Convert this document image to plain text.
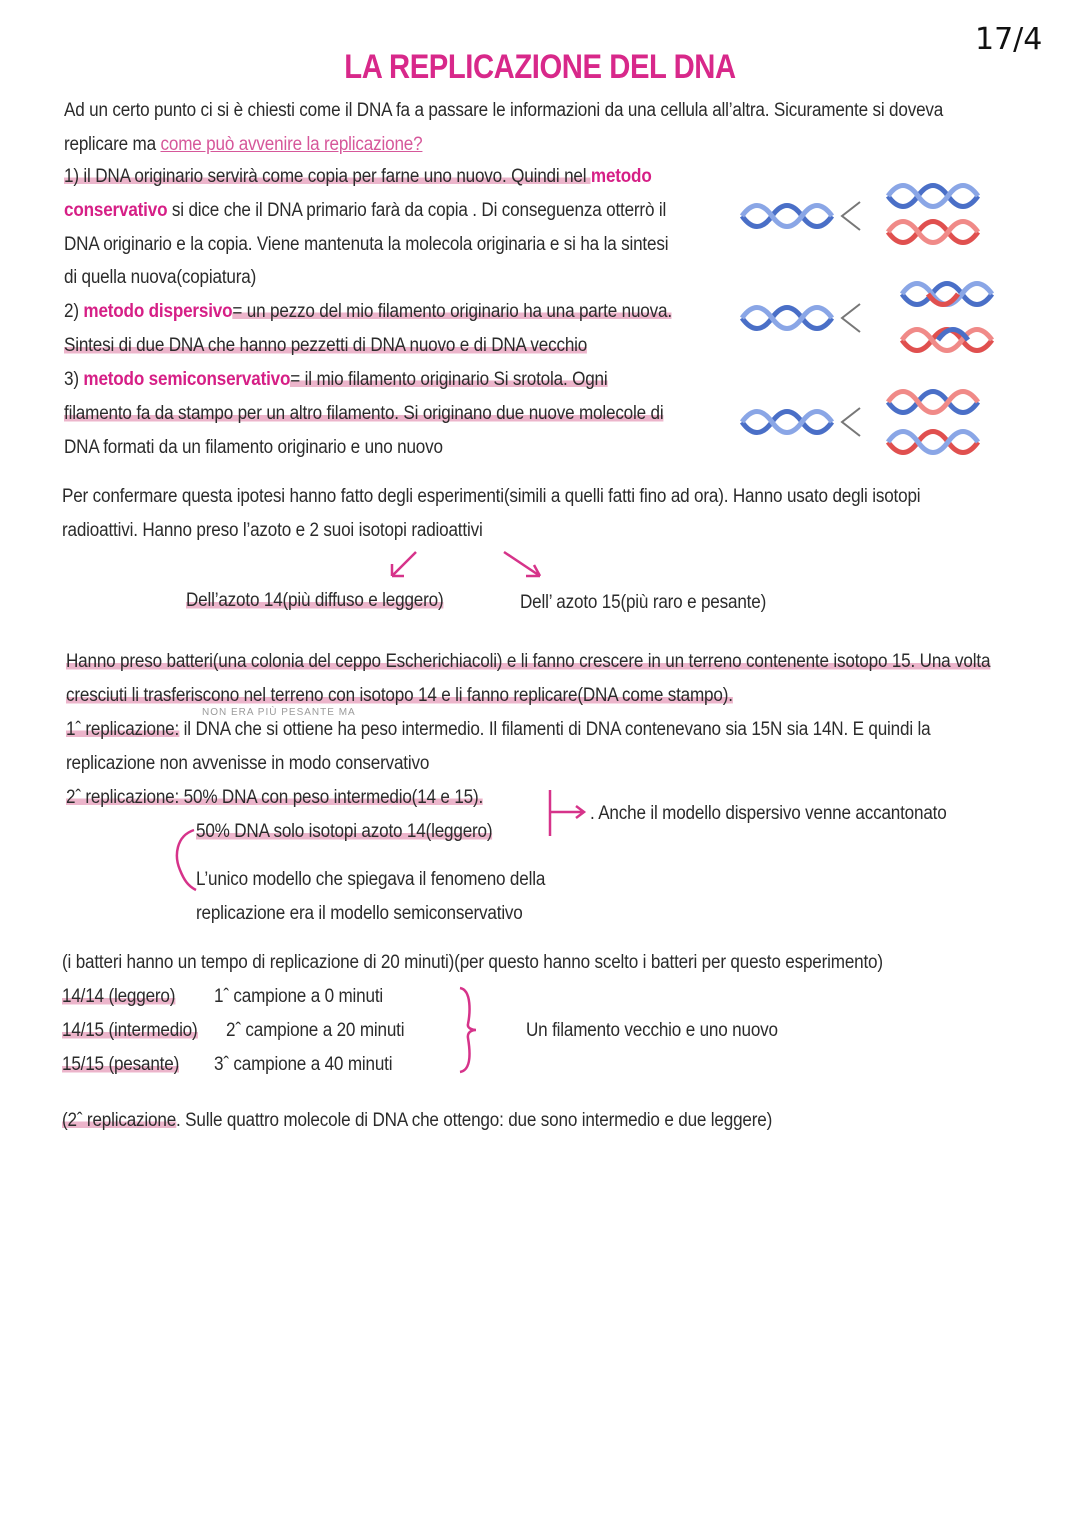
LA REPLICAZIONE DEL DNA
17/4
Ad un certo punto ci si è chiesti come il DNA fa a passare le informazioni da una cellula all’altra. Sicuramente si doveva
replicare ma come può avvenire la replicazione?
1) il DNA originario servirà come copia per farne uno nuovo. Quindi nel metodo
conservativo si dice che il DNA primario farà da copia . Di conseguenza otterrò il
DNA originario e la copia. Viene mantenuta la molecola originaria e si ha la sintesi
di quella nuova(copiatura)
2) metodo dispersivo= un pezzo del mio filamento originario ha una parte nuova.
Sintesi di due DNA che hanno pezzetti di DNA nuovo e di DNA vecchio
3) metodo semiconservativo= il mio filamento originario Si srotola. Ogni
filamento fa da stampo per un altro filamento. Si originano due nuove molecole di
DNA formati da un filamento originario e uno nuovo
Per confermare questa ipotesi hanno fatto degli esperimenti(simili a quelli fatti fino ad ora). Hanno usato degli isotopi
radioattivi. Hanno preso l’azoto e 2 suoi isotopi radioattivi
Dell’azoto 14(più diffuso e leggero)	Dell’ azoto 15(più raro e pesante)
Hanno preso batteri(una colonia del ceppo Escherichiacoli) e li fanno crescere in un terreno contenente isotopo 15. Una volta
cresciuti li trasferiscono nel terreno con isotopo 14 e li fanno replicare(DNA come stampo).
NON ERA PIÙ PESANTE MA
1ˆ replicazione: il DNA che si ottiene ha peso intermedio. Il filamenti di DNA contenevano sia 15N sia 14N. E quindi la
replicazione non avvenisse in modo conservativo
2ˆ replicazione: 50% DNA con peso intermedio(14 e 15).
50% DNA solo isotopi azoto 14(leggero)
. Anche il modello dispersivo venne accantonato
L’unico modello che spiegava il fenomeno della
replicazione era il modello semiconservativo
(i batteri hanno un tempo di replicazione di 20 minuti)(per questo hanno scelto i batteri per questo esperimento)
14/14 (leggero) 1ˆ campione a 0 minuti
14/15 (intermedio) 2ˆ campione a 20 minuti
15/15 (pesante) 3ˆ campione a 40 minuti
Un filamento vecchio e uno nuovo
(2ˆ replicazione. Sulle quattro molecole di DNA che ottengo: due sono intermedio e due leggere)
